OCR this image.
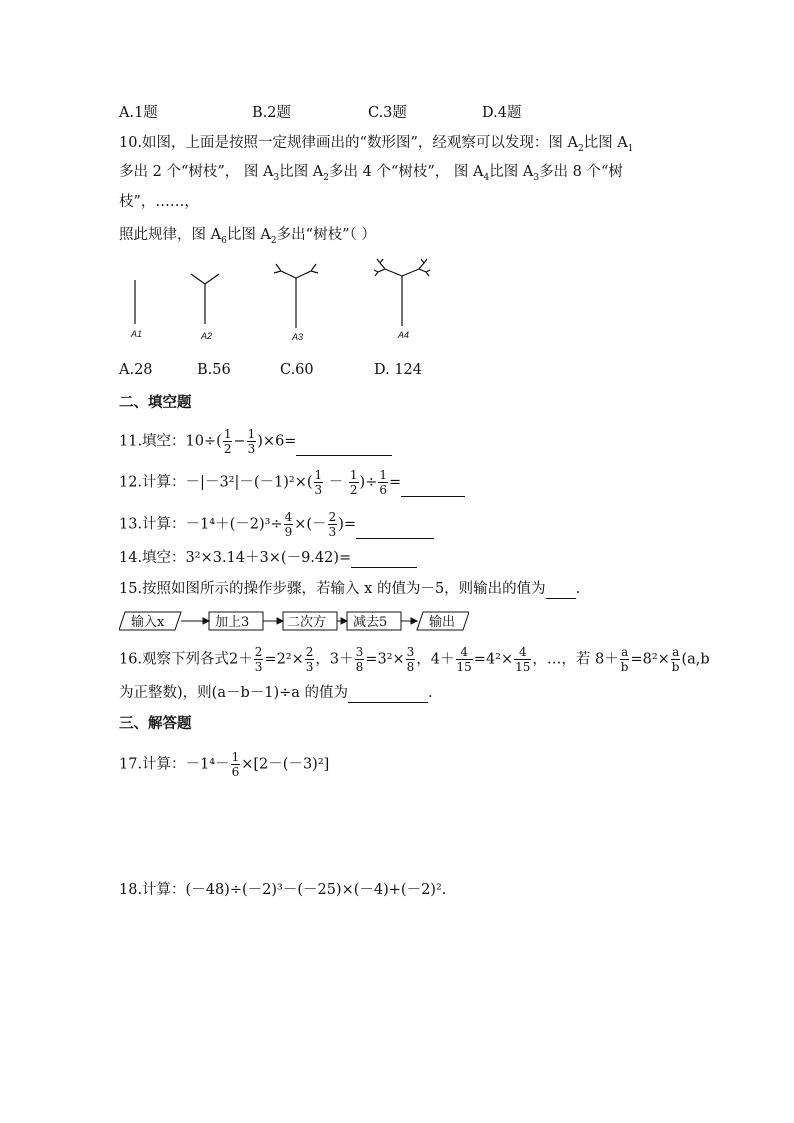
A.1题	B.2题	C.3题	D.4题
10.如图，上面是按照一定规律画出的“数形图”，经观察可以发现：图 $A_2$比图 $A_1$
多出 2 个“树枝”， 图 $A_3$比图 $A_2$多出 4 个“树枝”， 图 $A_4$比图 $A_3$多出 8 个“树
枝”，……，
照此规律，图 $A_6$比图 $A_2$多出“树枝”（ ）
A1	A2	A3	A4
A.28	B.56	C.60	D. 124
二、填空题
11.填空：$10\div( \frac{1}{2} - \frac{1}{3} )\times 6=$
12.计算：$-|-3^2|-(-1)^2\times( \frac{1}{3} - \frac{1}{2}$ )÷ $\frac{1}{6}$ =
13.计算：$-1^4+(-2)^3\div \frac{4}{9}$ ×(－ $\frac{2}{3}$ )=
14.填空：3²×3.14＋3×(－9.42)=
15.按照如图所示的操作步骤，若输入 x 的值为－5，则输出的值为 .
输入x	加上3	二次方 减去5	输出
16.观察下列各式$2+ \frac{2}{3} =2^2\times \frac{2}{3}$ ，$3+ \frac{3}{8} =3^2\times \frac{3}{8}$ ，$4+ \frac{4}{15} =4^2\times \frac{4}{15}$ ，…，若 $8+ \frac{a}{b} =8^2\times \frac{a}{b} (a,b$
为正整数)，则(a－b－1)÷a 的值为	.
三、解答题
17.计算：$-1^4- \frac{1}{6} \times[2-(-3)^2]$
18.计算：(－48)÷(－2)³－(－25)×(－4)+(－2)².
